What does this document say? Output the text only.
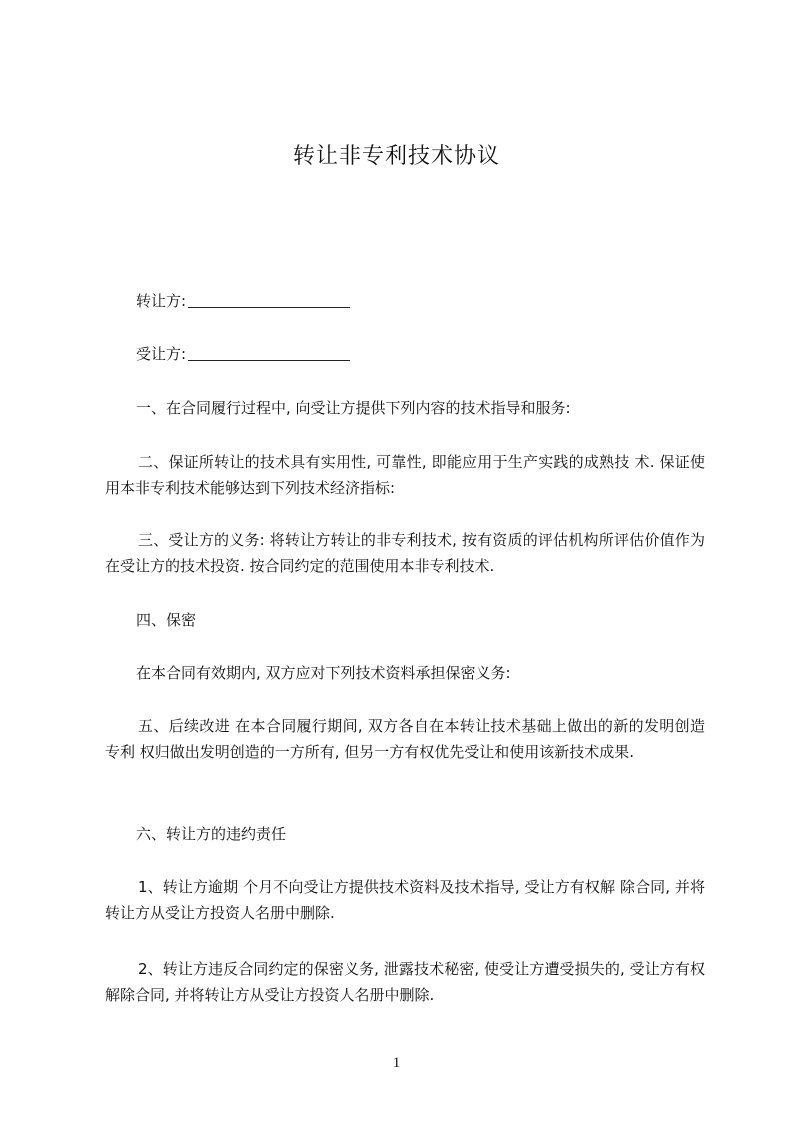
转让非专利技术协议
转让方:
受让方:
一、在合同履行过程中, 向受让方提供下列内容的技术指导和服务:
二、保证所转让的技术具有实用性, 可靠性, 即能应用于生产实践的成熟技 术. 保证使用本非专利技术能够达到下列技术经济指标:
三、受让方的义务: 将转让方转让的非专利技术, 按有资质的评估机构所评估价值作为在受让方的技术投资. 按合同约定的范围使用本非专利技术.
四、保密
在本合同有效期内, 双方应对下列技术资料承担保密义务:
五、后续改进 在本合同履行期间, 双方各自在本转让技术基础上做出的新的发明创造专利 权归做出发明创造的一方所有, 但另一方有权优先受让和使用该新技术成果.
六、转让方的违约责任
1、转让方逾期 个月不向受让方提供技术资料及技术指导, 受让方有权解 除合同, 并将转让方从受让方投资人名册中删除.
2、转让方违反合同约定的保密义务, 泄露技术秘密, 使受让方遭受损失的, 受让方有权解除合同, 并将转让方从受让方投资人名册中删除.
1
